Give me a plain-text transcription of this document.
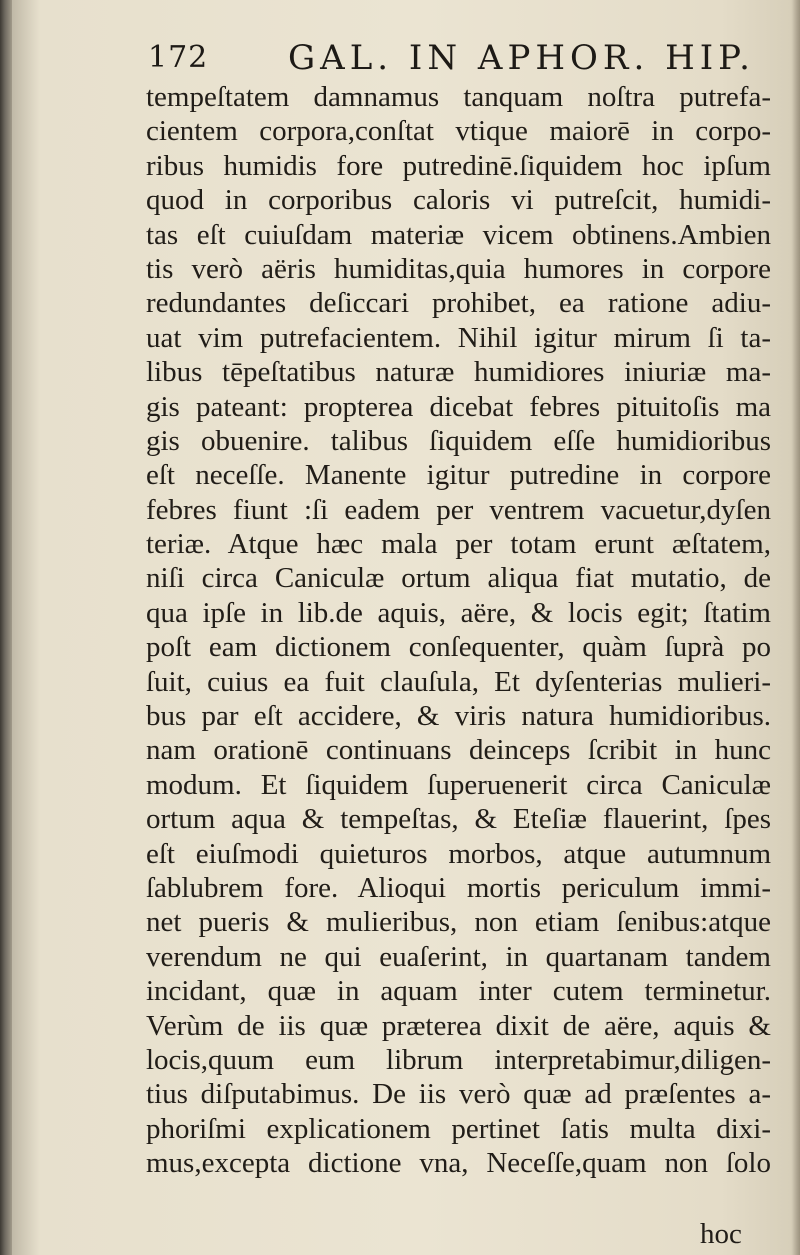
172 GAL. IN APHOR. HIP.
tempeſtatem damnamus tanquam noſtra putrefa-
cientem corpora,conſtat vtique maiorē in corpo-
ribus humidis fore putredinē.ſiquidem hoc ipſum
quod in corporibus caloris vi putreſcit, humidi-
tas eſt cuiuſdam materiæ vicem obtinens.Ambien
tis verò aëris humiditas,quia humores in corpore
redundantes deſiccari prohibet, ea ratione adiu-
uat vim putrefacientem. Nihil igitur mirum ſi ta-
libus tēpeſtatibus naturæ humidiores iniuriæ ma-
gis pateant: propterea dicebat febres pituitoſis ma
gis obuenire. talibus ſiquidem eſſe humidioribus
eſt neceſſe. Manente igitur putredine in corpore
febres fiunt :ſi eadem per ventrem vacuetur,dyſen
teriæ. Atque hæc mala per totam erunt æſtatem,
niſi circa Caniculæ ortum aliqua fiat mutatio, de
qua ipſe in lib.de aquis, aëre, & locis egit; ſtatim
poſt eam dictionem conſequenter, quàm ſuprà po
ſuit, cuius ea fuit clauſula, Et dyſenterias mulieri-
bus par eſt accidere, & viris natura humidioribus.
nam orationē continuans deinceps ſcribit in hunc
modum. Et ſiquidem ſuperuenerit circa Caniculæ
ortum aqua & tempeſtas, & Eteſiæ flauerint, ſpes
eſt eiuſmodi quieturos morbos, atque autumnum
ſablubrem fore. Alioqui mortis periculum immi-
net pueris & mulieribus, non etiam ſenibus:atque
verendum ne qui euaſerint, in quartanam tandem
incidant, quæ in aquam inter cutem terminetur.
Verùm de iis quæ præterea dixit de aëre, aquis &
locis,quum eum librum interpretabimur,diligen-
tius diſputabimus. De iis verò quæ ad præſentes a-
phoriſmi explicationem pertinet ſatis multa dixi-
mus,excepta dictione vna, Neceſſe,quam non ſolo
hoc
